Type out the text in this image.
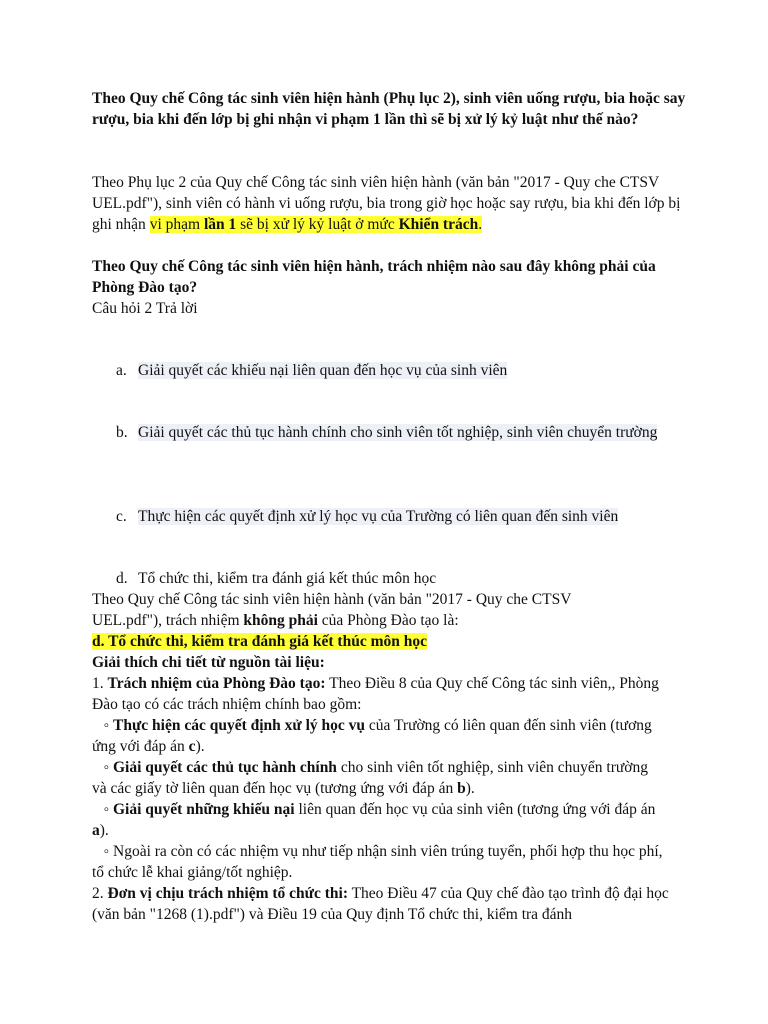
Theo Quy chế Công tác sinh viên hiện hành (Phụ lục 2), sinh viên uống rượu, bia hoặc say rượu, bia khi đến lớp bị ghi nhận vi phạm 1 lần thì sẽ bị xử lý kỷ luật như thế nào?

Theo Phụ lục 2 của Quy chế Công tác sinh viên hiện hành (văn bản "2017 - Quy che CTSV UEL.pdf"), sinh viên có hành vi uống rượu, bia trong giờ học hoặc say rượu, bia khi đến lớp bị ghi nhận vi phạm lần 1 sẽ bị xử lý kỷ luật ở mức Khiển trách.

Theo Quy chế Công tác sinh viên hiện hành, trách nhiệm nào sau đây không phải của Phòng Đào tạo?

Câu hỏi 2 Trả lời

a. Giải quyết các khiếu nại liên quan đến học vụ của sinh viên
b. Giải quyết các thủ tục hành chính cho sinh viên tốt nghiệp, sinh viên chuyển trường
c. Thực hiện các quyết định xử lý học vụ của Trường có liên quan đến sinh viên
d. Tổ chức thi, kiểm tra đánh giá kết thúc môn học

Theo Quy chế Công tác sinh viên hiện hành (văn bản "2017 - Quy che CTSV UEL.pdf"), trách nhiệm không phải của Phòng Đào tạo là:

d. Tổ chức thi, kiểm tra đánh giá kết thúc môn học

Giải thích chi tiết từ nguồn tài liệu:

1. Trách nhiệm của Phòng Đào tạo: Theo Điều 8 của Quy chế Công tác sinh viên,, Phòng Đào tạo có các trách nhiệm chính bao gồm:

◦ Thực hiện các quyết định xử lý học vụ của Trường có liên quan đến sinh viên (tương ứng với đáp án c).

◦ Giải quyết các thủ tục hành chính cho sinh viên tốt nghiệp, sinh viên chuyển trường và các giấy tờ liên quan đến học vụ (tương ứng với đáp án b).

◦ Giải quyết những khiếu nại liên quan đến học vụ của sinh viên (tương ứng với đáp án a).

◦ Ngoài ra còn có các nhiệm vụ như tiếp nhận sinh viên trúng tuyển, phối hợp thu học phí, tổ chức lễ khai giảng/tốt nghiệp.

2. Đơn vị chịu trách nhiệm tổ chức thi: Theo Điều 47 của Quy chế đào tạo trình độ đại học (văn bản "1268 (1).pdf") và Điều 19 của Quy định Tổ chức thi, kiểm tra đánh
